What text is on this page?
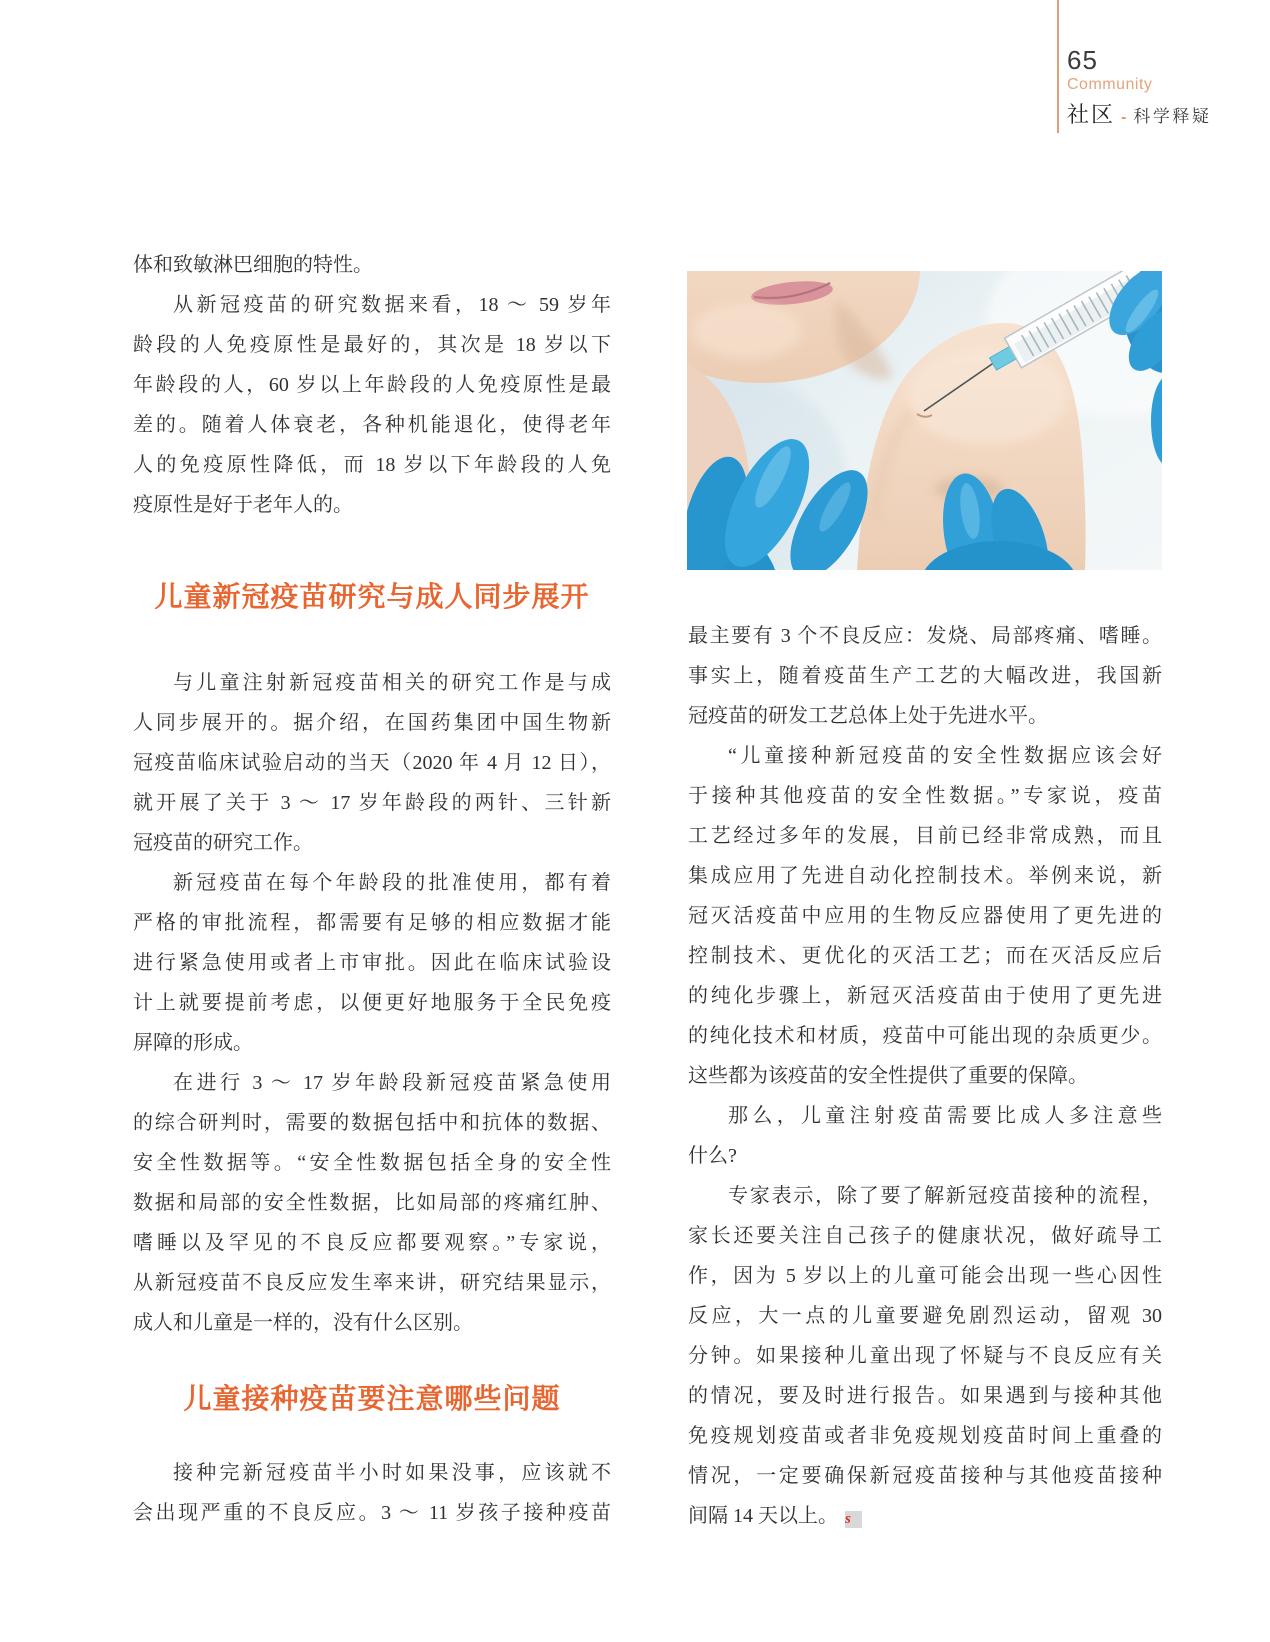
65
Community
社区 - 科学释疑
体和致敏淋巴细胞的特性。
从新冠疫苗的研究数据来看，18 ～ 59 岁年
龄段的人免疫原性是最好的，其次是 18 岁以下
年龄段的人，60 岁以上年龄段的人免疫原性是最
差的。随着人体衰老，各种机能退化，使得老年
人的免疫原性降低，而 18 岁以下年龄段的人免
疫原性是好于老年人的。
儿童新冠疫苗研究与成人同步展开
与儿童注射新冠疫苗相关的研究工作是与成
人同步展开的。据介绍，在国药集团中国生物新
冠疫苗临床试验启动的当天（2020 年 4 月 12 日），
就开展了关于 3 ～ 17 岁年龄段的两针、三针新
冠疫苗的研究工作。
新冠疫苗在每个年龄段的批准使用，都有着
严格的审批流程，都需要有足够的相应数据才能
进行紧急使用或者上市审批。因此在临床试验设
计上就要提前考虑，以便更好地服务于全民免疫
屏障的形成。
在进行 3 ～ 17 岁年龄段新冠疫苗紧急使用
的综合研判时，需要的数据包括中和抗体的数据、
安全性数据等。“安全性数据包括全身的安全性
数据和局部的安全性数据，比如局部的疼痛红肿、
嗜睡以及罕见的不良反应都要观察。”专家说，
从新冠疫苗不良反应发生率来讲，研究结果显示，
成人和儿童是一样的，没有什么区别。
儿童接种疫苗要注意哪些问题
接种完新冠疫苗半小时如果没事，应该就不
会出现严重的不良反应。3 ～ 11 岁孩子接种疫苗
最主要有 3 个不良反应：发烧、局部疼痛、嗜睡。
事实上，随着疫苗生产工艺的大幅改进，我国新
冠疫苗的研发工艺总体上处于先进水平。
“儿童接种新冠疫苗的安全性数据应该会好
于接种其他疫苗的安全性数据。”专家说，疫苗
工艺经过多年的发展，目前已经非常成熟，而且
集成应用了先进自动化控制技术。举例来说，新
冠灭活疫苗中应用的生物反应器使用了更先进的
控制技术、更优化的灭活工艺；而在灭活反应后
的纯化步骤上，新冠灭活疫苗由于使用了更先进
的纯化技术和材质，疫苗中可能出现的杂质更少。
这些都为该疫苗的安全性提供了重要的保障。
那么，儿童注射疫苗需要比成人多注意些
什么?
专家表示，除了要了解新冠疫苗接种的流程，
家长还要关注自己孩子的健康状况，做好疏导工
作，因为 5 岁以上的儿童可能会出现一些心因性
反应，大一点的儿童要避免剧烈运动，留观 30
分钟。如果接种儿童出现了怀疑与不良反应有关
的情况，要及时进行报告。如果遇到与接种其他
免疫规划疫苗或者非免疫规划疫苗时间上重叠的
情况，一定要确保新冠疫苗接种与其他疫苗接种
间隔 14 天以上。 s
